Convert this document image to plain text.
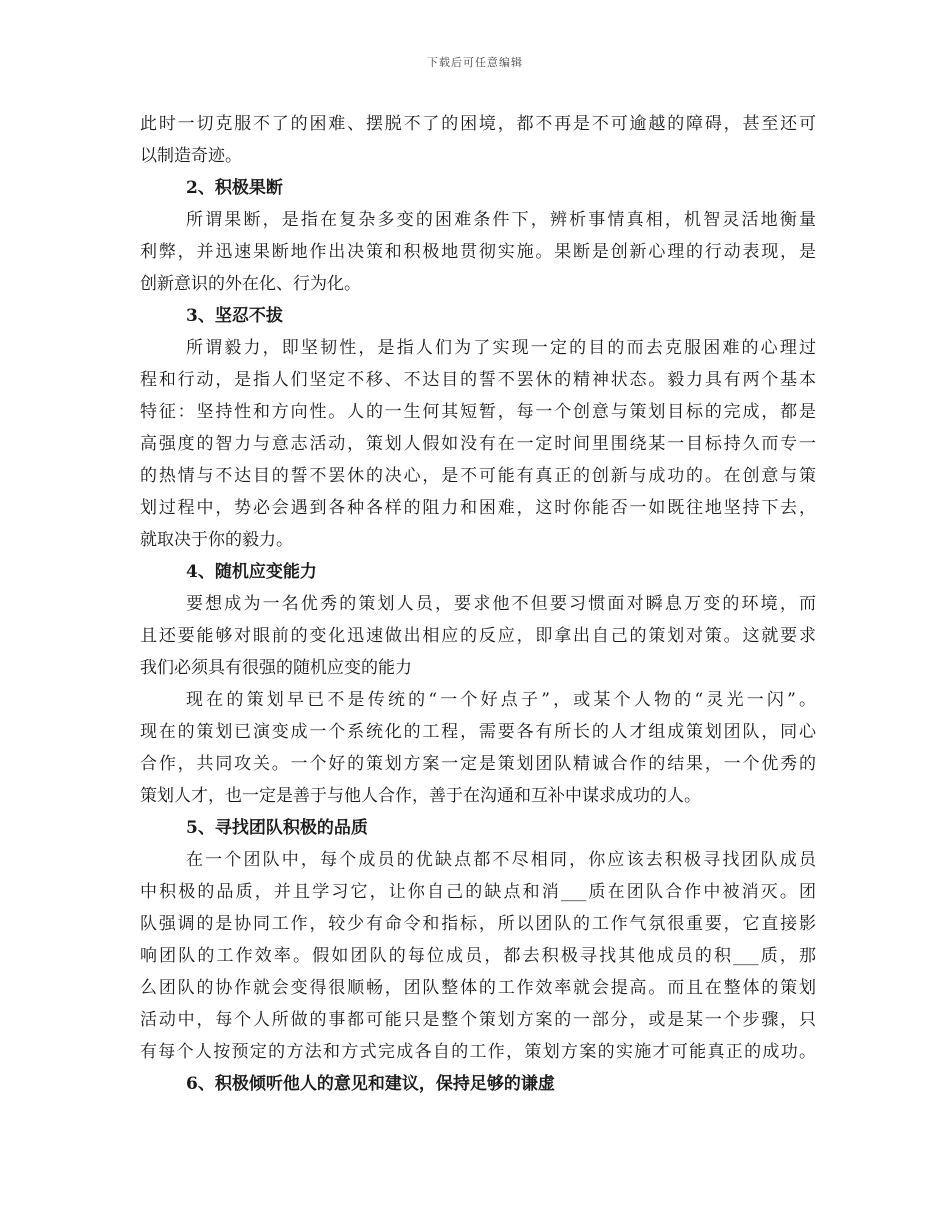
下载后可任意编辑
此时一切克服不了的困难、摆脱不了的困境，都不再是不可逾越的障碍，甚至还可
以制造奇迹。
2、积极果断
所谓果断，是指在复杂多变的困难条件下，辨析事情真相，机智灵活地衡量
利弊，并迅速果断地作出决策和积极地贯彻实施。果断是创新心理的行动表现，是
创新意识的外在化、行为化。
3、坚忍不拔
所谓毅力，即坚韧性，是指人们为了实现一定的目的而去克服困难的心理过
程和行动，是指人们坚定不移、不达目的誓不罢休的精神状态。毅力具有两个基本
特征：坚持性和方向性。人的一生何其短暂，每一个创意与策划目标的完成，都是
高强度的智力与意志活动，策划人假如没有在一定时间里围绕某一目标持久而专一
的热情与不达目的誓不罢休的决心，是不可能有真正的创新与成功的。在创意与策
划过程中，势必会遇到各种各样的阻力和困难，这时你能否一如既往地坚持下去，
就取决于你的毅力。
4、随机应变能力
要想成为一名优秀的策划人员，要求他不但要习惯面对瞬息万变的环境，而
且还要能够对眼前的变化迅速做出相应的反应，即拿出自己的策划对策。这就要求
我们必须具有很强的随机应变的能力
现在的策划早已不是传统的“一个好点子”，或某个人物的“灵光一闪”。
现在的策划已演变成一个系统化的工程，需要各有所长的人才组成策划团队，同心
合作，共同攻关。一个好的策划方案一定是策划团队精诚合作的结果，一个优秀的
策划人才，也一定是善于与他人合作，善于在沟通和互补中谋求成功的人。
5、寻找团队积极的品质
在一个团队中，每个成员的优缺点都不尽相同，你应该去积极寻找团队成员
中积极的品质，并且学习它，让你自己的缺点和消___质在团队合作中被消灭。团
队强调的是协同工作，较少有命令和指标，所以团队的工作气氛很重要，它直接影
响团队的工作效率。假如团队的每位成员，都去积极寻找其他成员的积___质，那
么团队的协作就会变得很顺畅，团队整体的工作效率就会提高。而且在整体的策划
活动中，每个人所做的事都可能只是整个策划方案的一部分，或是某一个步骤，只
有每个人按预定的方法和方式完成各自的工作，策划方案的实施才可能真正的成功。
6、积极倾听他人的意见和建议，保持足够的谦虚
